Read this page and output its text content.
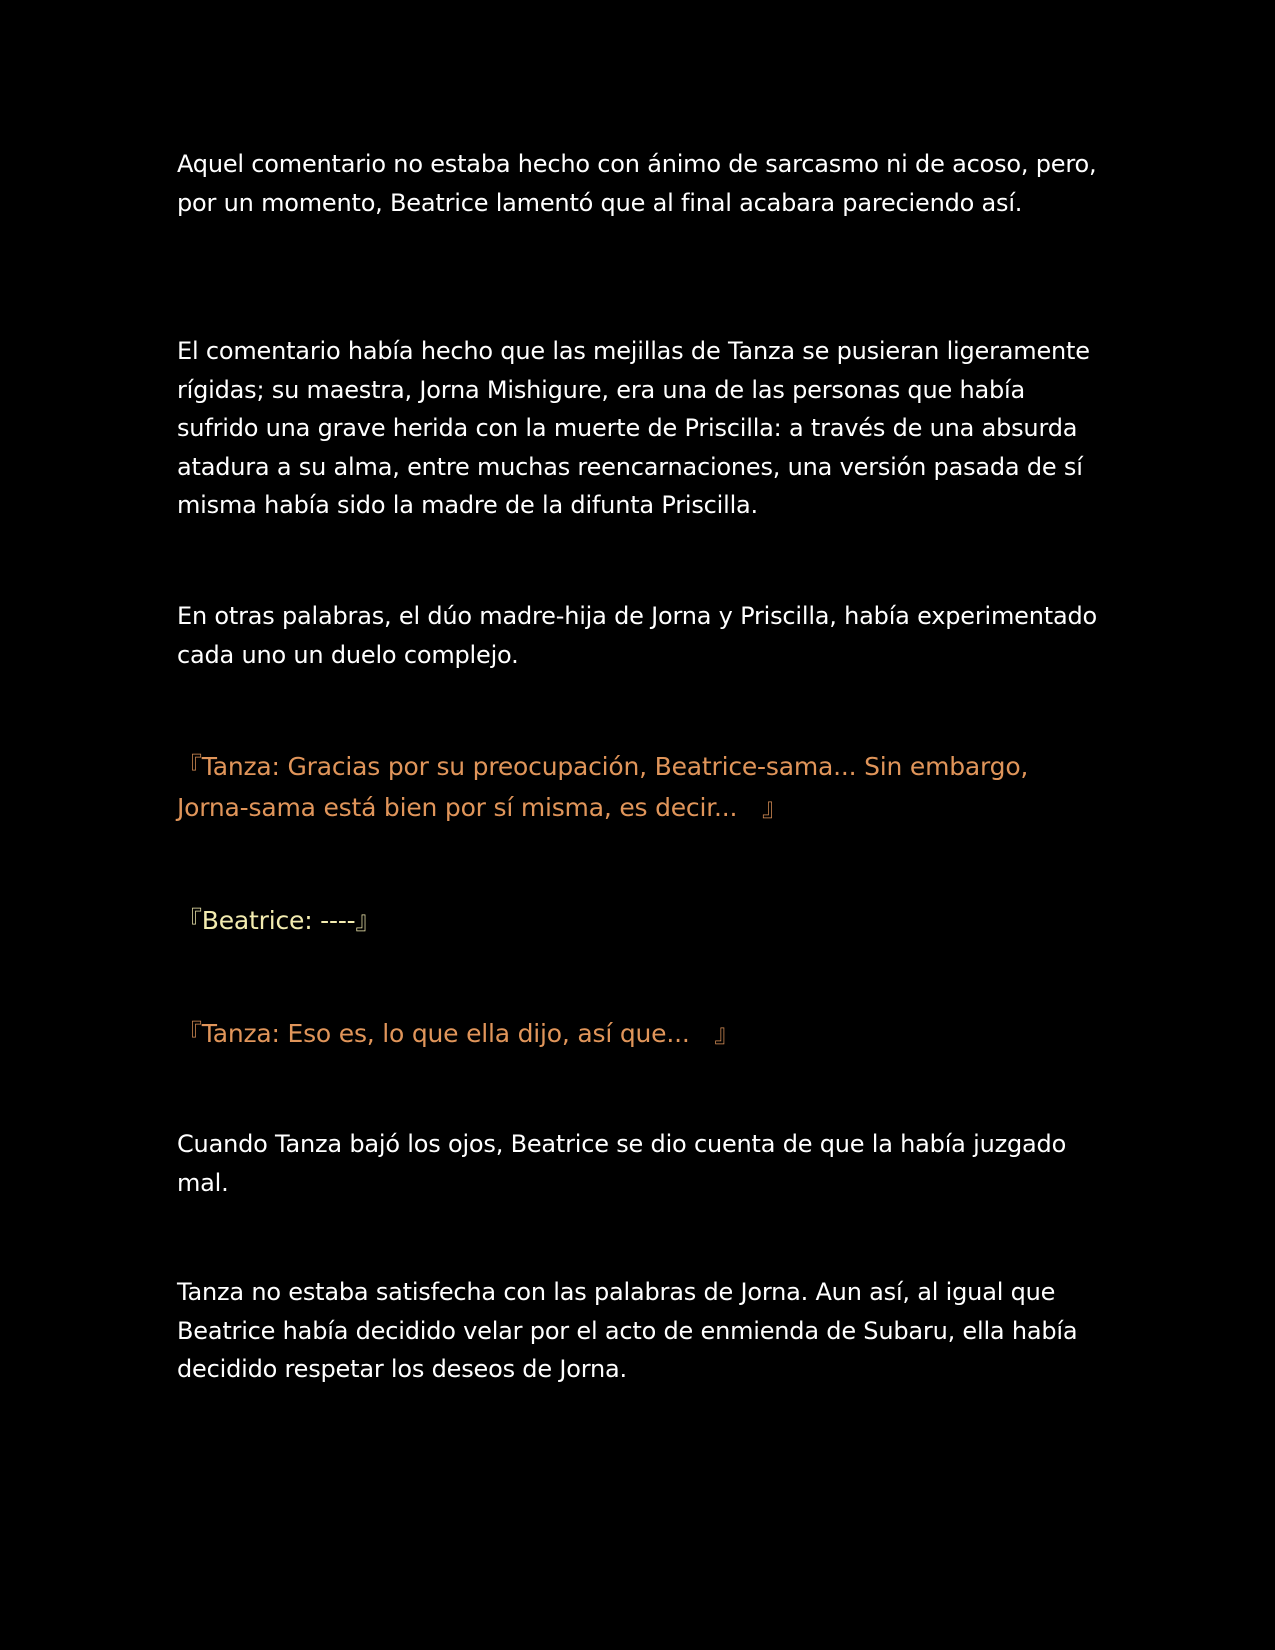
Aquel comentario no estaba hecho con ánimo de sarcasmo ni de acoso, pero, por un momento, Beatrice lamentó que al final acabara pareciendo así.

El comentario había hecho que las mejillas de Tanza se pusieran ligeramente rígidas; su maestra, Jorna Mishigure, era una de las personas que había sufrido una grave herida con la muerte de Priscilla: a través de una absurda atadura a su alma, entre muchas reencarnaciones, una versión pasada de sí misma había sido la madre de la difunta Priscilla.

En otras palabras, el dúo madre-hija de Jorna y Priscilla, había experimentado cada uno un duelo complejo.

『Tanza: Gracias por su preocupación, Beatrice-sama... Sin embargo, Jorna-sama está bien por sí misma, es decir...　』

『Beatrice: ----』

『Tanza: Eso es, lo que ella dijo, así que...　』

Cuando Tanza bajó los ojos, Beatrice se dio cuenta de que la había juzgado mal.

Tanza no estaba satisfecha con las palabras de Jorna. Aun así, al igual que Beatrice había decidido velar por el acto de enmienda de Subaru, ella había decidido respetar los deseos de Jorna.
